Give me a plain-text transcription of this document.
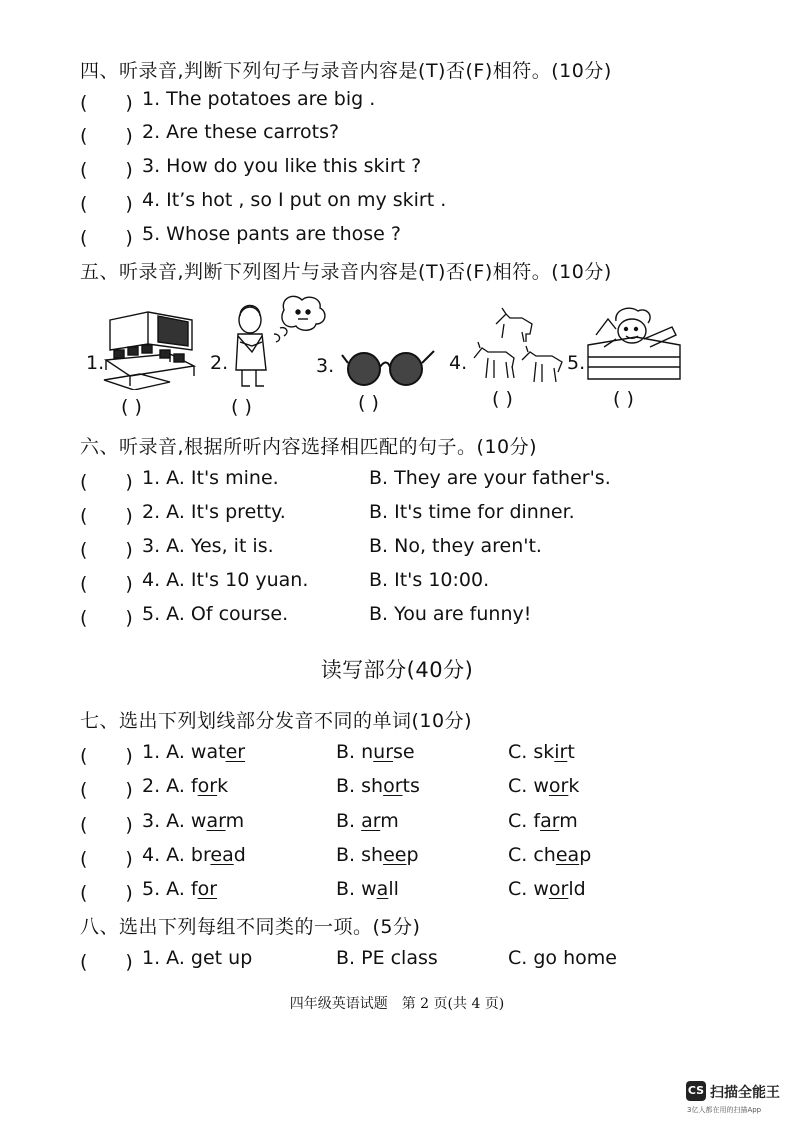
四、听录音,判断下列句子与录音内容是(T)否(F)相符。(10分)
(　　) 1. The potatoes are big .
(　　) 2. Are these carrots?
(　　) 3. How do you like this skirt ?
(　　) 4. It’s hot , so I put on my skirt .
(　　) 5. Whose pants are those ?
五、听录音,判断下列图片与录音内容是(T)否(F)相符。(10分)
1.
( )
2.
( )
3.
( )
4.
( )
5.
( )
六、听录音,根据所听内容选择相匹配的句子。(10分)
(　　) 1. A. It's mine.	B. They are your father's.
(　　) 2. A. It's pretty.	B. It's time for dinner.
(　　) 3. A. Yes, it is.	B. No, they aren't.
(　　) 4. A. It's 10 yuan.	B. It's 10:00.
(　　) 5. A. Of course.	B. You are funny!
读写部分(40分)
七、选出下列划线部分发音不同的单词(10分)
(　　) 1. A. water	B. nurse	C. skirt
(　　) 2. A. fork	B. shorts	C. work
(　　) 3. A. warm	B. arm	C. farm
(　　) 4. A. bread	B. sheep	C. cheap
(　　) 5. A. for	B. wall	C. world
八、选出下列每组不同类的一项。(5分)
(　　) 1. A. get up	B. PE class	C. go home
四年级英语试题　第 2 页(共 4 页)
CS 扫描全能王
3亿人都在用的扫描App
